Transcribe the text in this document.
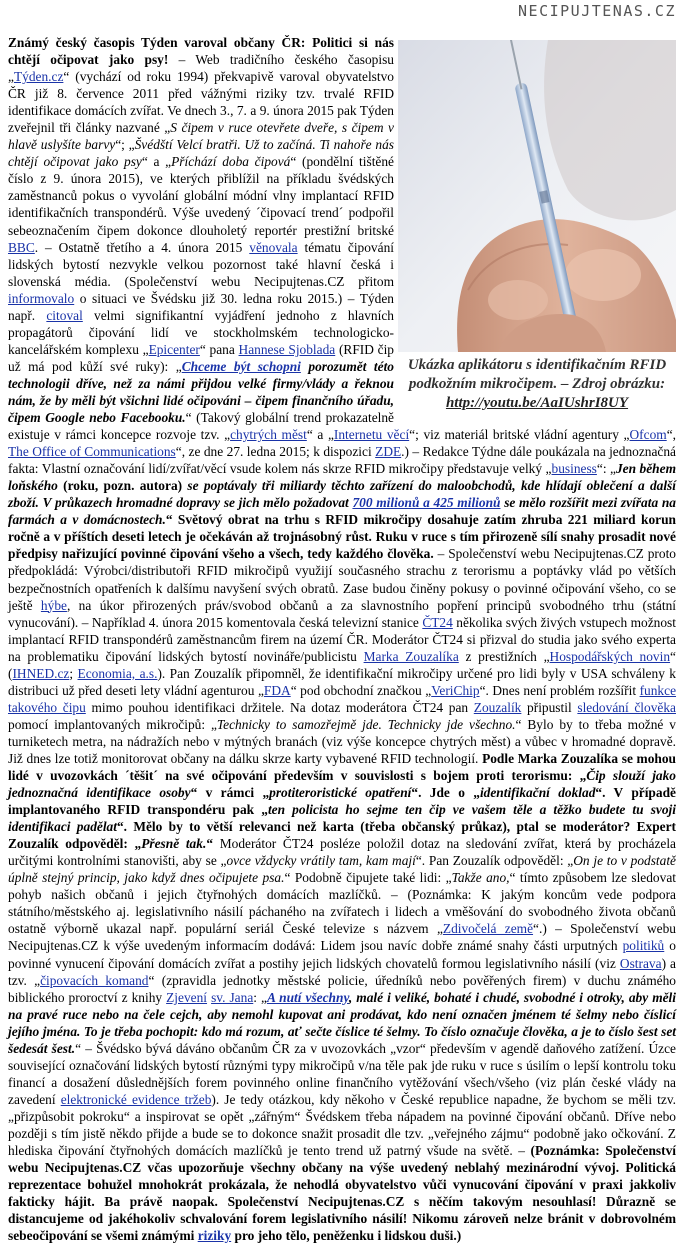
NECIPUJTENAS.CZ
Ukázka aplikátoru s identifikačním RFID
podkožním mikročipem. – Zdroj obrázku:
http://youtu.be/AaIUshrI8UY
Známý český časopis Týden varoval občany ČR: Politici si nás chtějí očipovat jako psy! – Web tradičního českého časopisu „Týden.cz“ (vychází od roku 1994) překvapivě varoval obyvatelstvo ČR již 8. července 2011 před vážnými riziky tzv. trvalé RFID identifikace domácích zvířat. Ve dnech 3., 7. a 9. února 2015 pak Týden zveřejnil tři články nazvané „S čipem v ruce otevřete dveře, s čipem v hlavě uslyšíte barvy“; „Švédští Velcí bratři. Už to začíná. Ti nahoře nás chtějí očipovat jako psy“ a „Příchází doba čipová“ (pondělní tištěné číslo z 9. února 2015), ve kterých přiblížil na příkladu švédských zaměstnanců pokus o vyvolání globální módní vlny implantací RFID identifikačních transpondérů. Výše uvedený ´čipovací trend´ podpořil sebeoznačením čipem dokonce dlouholetý reportér prestižní britské BBC. – Ostatně třetího a 4. února 2015 věnovala tématu čipování lidských bytostí nezvykle velkou pozornost také hlavní česká i slovenská média. (Společenství webu Necipujtenas.CZ přitom informovalo o situaci ve Švédsku již 30. ledna roku 2015.) – Týden např. citoval velmi signifikantní vyjádření jednoho z hlavních propagátorů čipování lidí ve stockholmském technologicko-kancelářském komplexu „Epicenter“ pana Hannese Sjoblada (RFID čip už má pod kůží své ruky): „Chceme být schopni porozumět této technologii dříve, než za námi přijdou velké firmy/vlády a řeknou nám, že by měli být všichni lidé očipováni – čipem finančního úřadu, čipem Google nebo Facebooku.“ (Takový globální trend prokazatelně existuje v rámci koncepce rozvoje tzv. „chytrých měst“ a „Internetu věcí“; viz materiál britské vládní agentury „Ofcom“, The Office of Communications“, ze dne 27. ledna 2015; k dispozici ZDE.) – Redakce Týdne dále poukázala na jednoznačná fakta: Vlastní označování lidí/zvířat/věcí vsude kolem nás skrze RFID mikročipy představuje velký „business“: „Jen během loňského (roku, pozn. autora) se poptávaly tři miliardy těchto zařízení do maloobchodů, kde hlídají oblečení a další zboží. V průkazech hromadné dopravy se jich mělo požadovat 700 milionů a 425 milionů se mělo rozšířit mezi zvířata na farmách a v domácnostech.“ Světový obrat na trhu s RFID mikročipy dosahuje zatím zhruba 221 miliard korun ročně a v příštích deseti letech je očekáván až trojnásobný růst. Ruku v ruce s tím přirozeně sílí snahy prosadit nové předpisy nařizující povinné čipování všeho a všech, tedy každého člověka. – Společenství webu Necipujtenas.CZ proto předpokládá: Výrobci/distributoři RFID mikročipů využijí současného strachu z terorismu a poptávky vlád po větších bezpečnostních opatřeních k dalšímu navyšení svých obratů. Zase budou činěny pokusy o povinné očipování všeho, co se ještě hýbe, na úkor přirozených práv/svobod občanů a za slavnostního popření principů svobodného trhu (státní vynucování). – Například 4. února 2015 komentovala česká televizní stanice ČT24 několika svých živých vstupech možnost implantací RFID transpondérů zaměstnancům firem na území ČR. Moderátor ČT24 si přizval do studia jako svého experta na problematiku čipování lidských bytostí novináře/publicistu Marka Zouzalíka z prestižních „Hospodářských novin“ (IHNED.cz; Economia, a.s.). Pan Zouzalík připomněl, že identifikační mikročipy určené pro lidi byly v USA schváleny k distribuci už před deseti lety vládní agenturou „FDA“ pod obchodní značkou „VeriChip“. Dnes není problém rozšířit funkce takového čipu mimo pouhou identifikaci držitele. Na dotaz moderátora ČT24 pan Zouzalík připustil sledování člověka pomocí implantovaných mikročipů: „Technicky to samozřejmě jde. Technicky jde všechno.“ Bylo by to třeba možné v turniketech metra, na nádražích nebo v mýtných branách (viz výše koncepce chytrých měst) a vůbec v hromadné dopravě. Již dnes lze totiž monitorovat občany na dálku skrze karty vybavené RFID technologií. Podle Marka Zouzalíka se mohou lidé v uvozovkách ´těšit´ na své očipování především v souvislosti s bojem proti terorismu: „Čip slouží jako jednoznačná identifikace osoby“ v rámci „protiteroristické opatření“. Jde o „identifikační doklad“. V případě implantovaného RFID transpondéru pak „ten policista ho sejme ten čip ve vašem těle a těžko budete tu svoji identifikaci padělat“. Mělo by to větší relevanci než karta (třeba občanský průkaz), ptal se moderátor? Expert Zouzalík odpověděl: „Přesně tak.“ Moderátor ČT24 posléze položil dotaz na sledování zvířat, která by procházela určitými kontrolními stanovišti, aby se „ovce vždycky vrátily tam, kam mají“. Pan Zouzalík odpověděl: „On je to v podstatě úplně stejný princip, jako když dnes očipujete psa.“ Podobně čipujete také lidi: „Takže ano,“ tímto způsobem lze sledovat pohyb našich občanů i jejich čtyřnohých domácích mazlíčků. – (Poznámka: K jakým koncům vede podpora státního/městského aj. legislativního násilí páchaného na zvířatech i lidech a vměšování do svobodného života občanů ostatně výborně ukazal např. populární seriál České televize s názvem „Zdivočelá země“.) – Společenství webu Necipujtenas.CZ k výše uvedeným informacím dodává: Lidem jsou navíc dobře známé snahy části urputných politiků o povinné vynucení čipování domácích zvířat a postihy jejich lidských chovatelů formou legislativního násilí (viz Ostrava) a tzv. „čipovacích komand“ (zpravidla jednotky městské policie, úředníků nebo pověřených firem) v duchu známého biblického proroctví z knihy Zjevení sv. Jana: „A nutí všechny, malé i veliké, bohaté i chudé, svobodné i otroky, aby měli na pravé ruce nebo na čele cejch, aby nemohl kupovat ani prodávat, kdo není označen jménem té šelmy nebo číslicí jejího jména. To je třeba pochopit: kdo má rozum, ať sečte číslice té šelmy. To číslo označuje člověka, a je to číslo šest set šedesát šest.“ – Švédsko bývá dáváno občanům ČR za v uvozovkách „vzor“ především v agendě daňového zatížení. Úzce související označování lidských bytostí různými typy mikročipů v/na těle pak jde ruku v ruce s úsilím o lepší kontrolu toku financí a dosažení důslednějších forem povinného online finančního vytěžování všech/všeho (viz plán české vlády na zavedení elektronické evidence tržeb). Je tedy otázkou, kdy někoho v České republice napadne, že bychom se měli tzv. „přizpůsobit pokroku“ a inspirovat se opět „zářným“ Švédskem třeba nápadem na povinné čipování občanů. Dříve nebo později s tím jistě někdo přijde a bude se to dokonce snažit prosadit dle tzv. „veřejného zájmu“ podobně jako očkování. Z hlediska čipování čtyřnohých domácích mazlíčků je tento trend už patrný všude na světě. – (Poznámka: Společenství webu Necipujtenas.CZ včas upozorňuje všechny občany na výše uvedený neblahý mezinárodní vývoj. Politická reprezentace bohužel mnohokrát prokázala, že nehodlá obyvatelstvo vůči vynucování čipování v praxi jakkoliv fakticky hájit. Ba právě naopak. Společenství Necipujtenas.CZ s něčím takovým nesouhlasí! Důrazně se distancujeme od jakéhokoliv schvalování forem legislativního násilí! Nikomu zároveň nelze bránit v dobrovolném sebeočipování se všemi známými riziky pro jeho tělo, peněženku i lidskou duši.)
